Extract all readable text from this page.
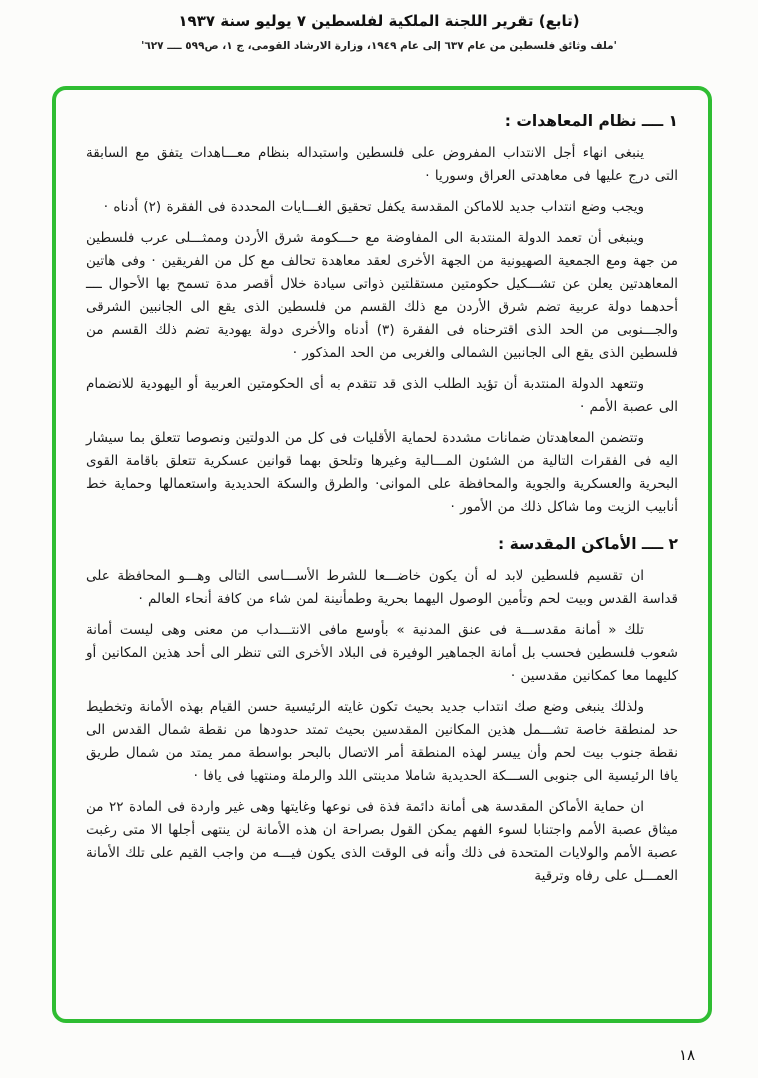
(تابع) تقرير اللجنة الملكية لفلسطين ٧ يوليو سنة ١٩٣٧
'ملف وثائق فلسطين من عام ٦٣٧ إلى عام ١٩٤٩، وزارة الارشاد القومى، ج ١، ص٥٩٩ ــــ ٦٢٧'
١ ــــ نظام المعاهدات :

ينبغى انهاء أجل الانتداب المفروض على فلسطين واستبداله بنظام معـــاهدات يتفق مع السابقة التى درج عليها فى معاهدتى العراق وسوريا ·

ويجب وضع انتداب جديد للاماكن المقدسة يكفل تحقيق الغـــايات المحددة فى الفقرة (٢) أدناه ·

وينبغى أن تعمد الدولة المنتدبة الى المفاوضة مع حـــكومة شرق الأردن وممثـــلى عرب فلسطين من جهة ومع الجمعية الصهيونية من الجهة الأخرى لعقد معاهدة تحالف مع كل من الفريقين · وفى هاتين المعاهدتين يعلن عن تشـــكيل حكومتين مستقلتين ذواتى سيادة خلال أقصر مدة تسمح بها الأحوال ــــ أحدهما دولة عربية تضم شرق الأردن مع ذلك القسم من فلسطين الذى يقع الى الجانبين الشرقى والجـــنوبى من الحد الذى اقترحناه فى الفقرة (٣) أدناه والأخرى دولة يهودية تضم ذلك القسم من فلسطين الذى يقع الى الجانبين الشمالى والغربى من الحد المذكور ·

وتتعهد الدولة المنتدبة أن تؤيد الطلب الذى قد تتقدم به أى الحكومتين العربية أو اليهودية للانضمام الى عصبة الأمم ·

وتتضمن المعاهدتان ضمانات مشددة لحماية الأقليات فى كل من الدولتين ونصوصا تتعلق بما سيشار اليه فى الفقرات التالية من الشئون المـــالية وغيرها وتلحق بهما قوانين عسكرية تتعلق باقامة القوى البحرية والعسكرية والجوية والمحافظة على الموانى· والطرق والسكة الحديدية واستعمالها وحماية خط أنابيب الزيت وما شاكل ذلك من الأمور ·

٢ ــــ الأماكن المقدسة :

ان تقسيم فلسطين لابد له أن يكون خاضـــعا للشرط الأســـاسى التالى وهـــو المحافظة على قداسة القدس وبيت لحم وتأمين الوصول اليهما بحرية وطمأنينة لمن شاء من كافة أنحاء العالم ·

تلك « أمانة مقدســـة فى عنق المدنية » بأوسع مافى الانتـــداب من معنى وهى ليست أمانة شعوب فلسطين فحسب بل أمانة الجماهير الوفيرة فى البلاد الأخرى التى تنظر الى أحد هذين المكانين أو كليهما معا كمكانين مقدسين ·

ولذلك ينبغى وضع صك انتداب جديد بحيث تكون غايته الرئيسية حسن القيام بهذه الأمانة وتخطيط حد لمنطقة خاصة تشـــمل هذين المكانين المقدسين بحيث تمتد حدودها من نقطة شمال القدس الى نقطة جنوب بيت لحم وأن ييسر لهذه المنطقة أمر الاتصال بالبحر بواسطة ممر يمتد من شمال طريق يافا الرئيسية الى جنوبى الســـكة الحديدية شاملا مدينتى اللد والرملة ومنتهيا فى يافا ·

ان حماية الأماكن المقدسة هى أمانة دائمة فذة فى نوعها وغايتها وهى غير واردة فى المادة ٢٢ من ميثاق عصبة الأمم واجتنابا لسوء الفهم يمكن القول بصراحة ان هذه الأمانة لن ينتهى أجلها الا متى رغبت عصبة الأمم والولايات المتحدة فى ذلك وأنه فى الوقت الذى يكون فيـــه من واجب القيم على تلك الأمانة العمـــل على رفاه وترقية

١٨
